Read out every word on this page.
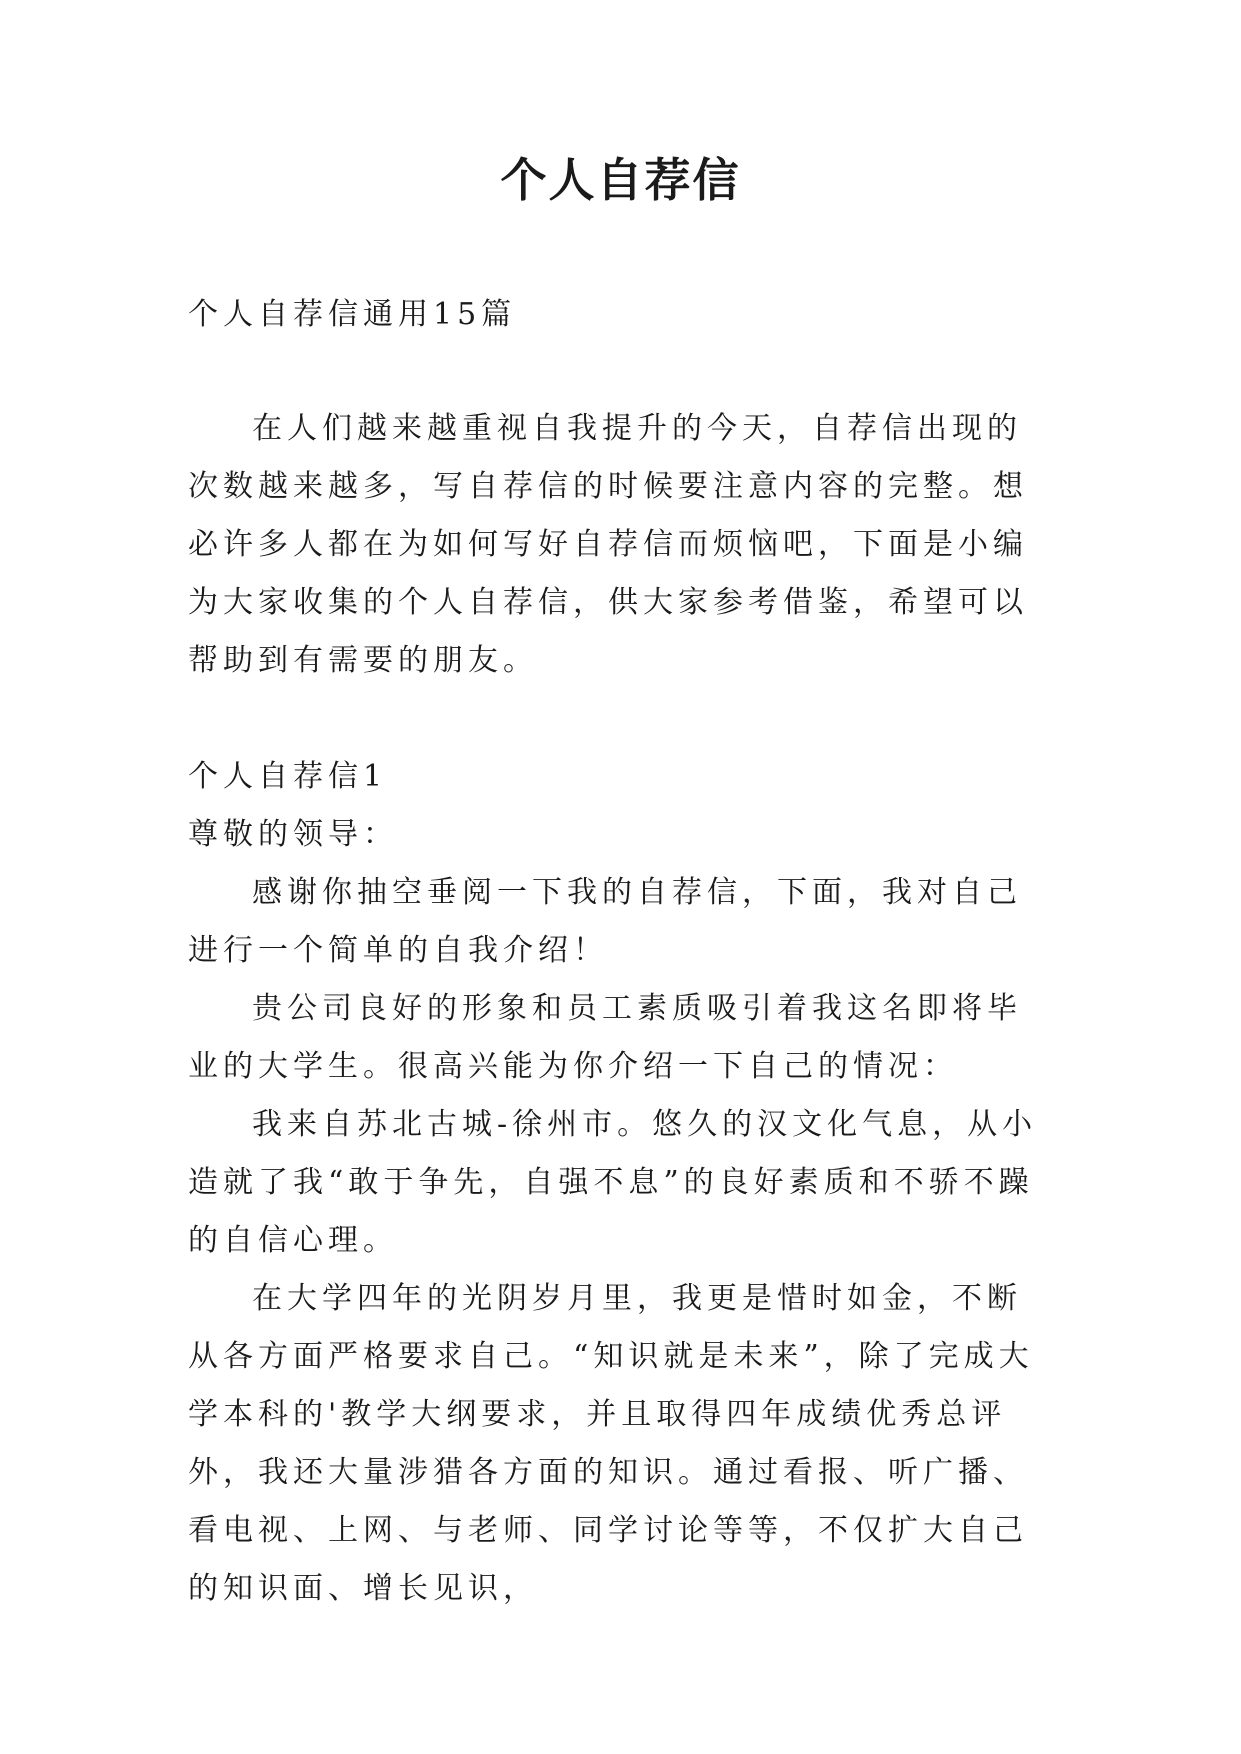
个人自荐信

个人自荐信通用15篇

在人们越来越重视自我提升的今天，自荐信出现的次数越来越多，写自荐信的时候要注意内容的完整。想必许多人都在为如何写好自荐信而烦恼吧，下面是小编为大家收集的个人自荐信，供大家参考借鉴，希望可以帮助到有需要的朋友。

个人自荐信1

尊敬的领导：

感谢你抽空垂阅一下我的自荐信，下面，我对自己进行一个简单的自我介绍！

贵公司良好的形象和员工素质吸引着我这名即将毕业的大学生。很高兴能为你介绍一下自己的情况：

我来自苏北古城-徐州市。悠久的汉文化气息，从小造就了我“敢于争先，自强不息”的良好素质和不骄不躁的自信心理。

在大学四年的光阴岁月里，我更是惜时如金，不断从各方面严格要求自己。“知识就是未来”，除了完成大学本科的'教学大纲要求，并且取得四年成绩优秀总评外，我还大量涉猎各方面的知识。通过看报、听广播、看电视、上网、与老师、同学讨论等等，不仅扩大自己的知识面、增长见识，
